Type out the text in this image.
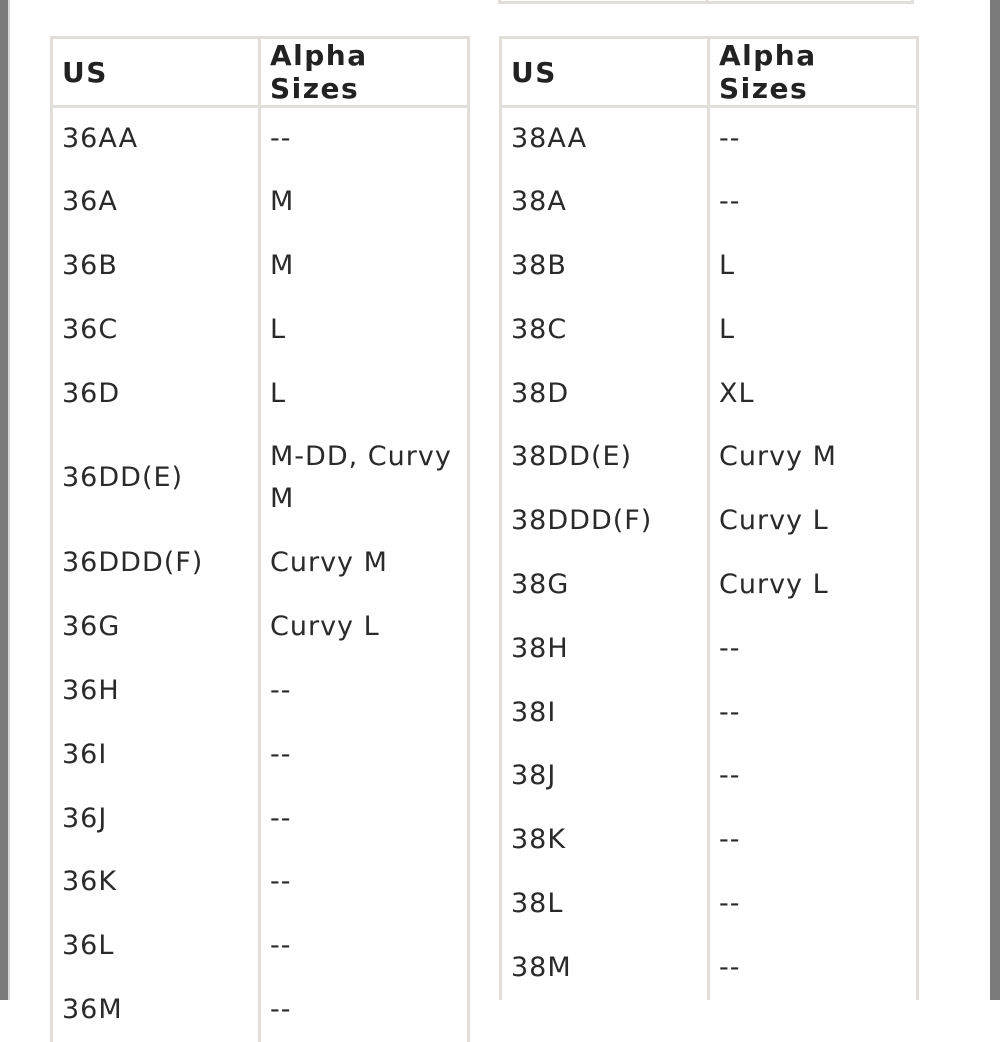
US	Alpha Sizes
36AA	--
36A	M
36B	M
36C	L
36D	L
36DD(E)	M-DD, Curvy M
36DDD(F)	Curvy M
36G	Curvy L
36H	--
36I	--
36J	--
36K	--
36L	--
36M	--
US	Alpha Sizes
38AA	--
38A	--
38B	L
38C	L
38D	XL
38DD(E)	Curvy M
38DDD(F)	Curvy L
38G	Curvy L
38H	--
38I	--
38J	--
38K	--
38L	--
38M	--
